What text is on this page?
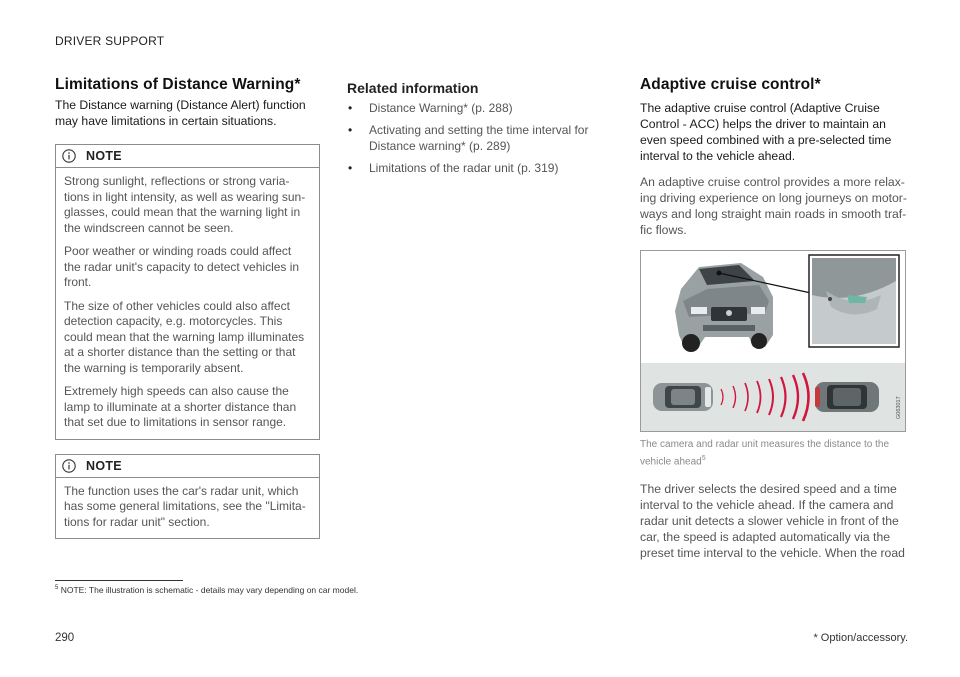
DRIVER SUPPORT
Limitations of Distance Warning*

The Distance warning (Distance Alert) function may have limitations in certain situations.

NOTE

Strong sunlight, reflections or strong varia-tions in light intensity, as well as wearing sun-glasses, could mean that the warning light in the windscreen cannot be seen.

Poor weather or winding roads could affect the radar unit's capacity to detect vehicles in front.

The size of other vehicles could also affect detection capacity, e.g. motorcycles. This could mean that the warning lamp illuminates at a shorter distance than the setting or that the warning is temporarily absent.

Extremely high speeds can also cause the lamp to illuminate at a shorter distance than that set due to limitations in sensor range.

NOTE

The function uses the car's radar unit, which has some general limitations, see the "Limita-tions for radar unit" section.

Related information
• Distance Warning* (p. 288)
• Activating and setting the time interval for Distance warning* (p. 289)
• Limitations of the radar unit (p. 319)
Adaptive cruise control*

The adaptive cruise control (Adaptive Cruise Control - ACC) helps the driver to maintain an even speed combined with a pre-selected time interval to the vehicle ahead.

An adaptive cruise control provides a more relax-ing driving experience on long journeys on motor-ways and long straight main roads in smooth traf-fic flows.

G063017
The camera and radar unit measures the distance to the vehicle ahead$^5$

The driver selects the desired speed and a time interval to the vehicle ahead. If the camera and radar unit detects a slower vehicle in front of the car, the speed is adapted automatically via the preset time interval to the vehicle. When the road

$^5$ NOTE: The illustration is schematic - details may vary depending on car model.
290	* Option/accessory.
